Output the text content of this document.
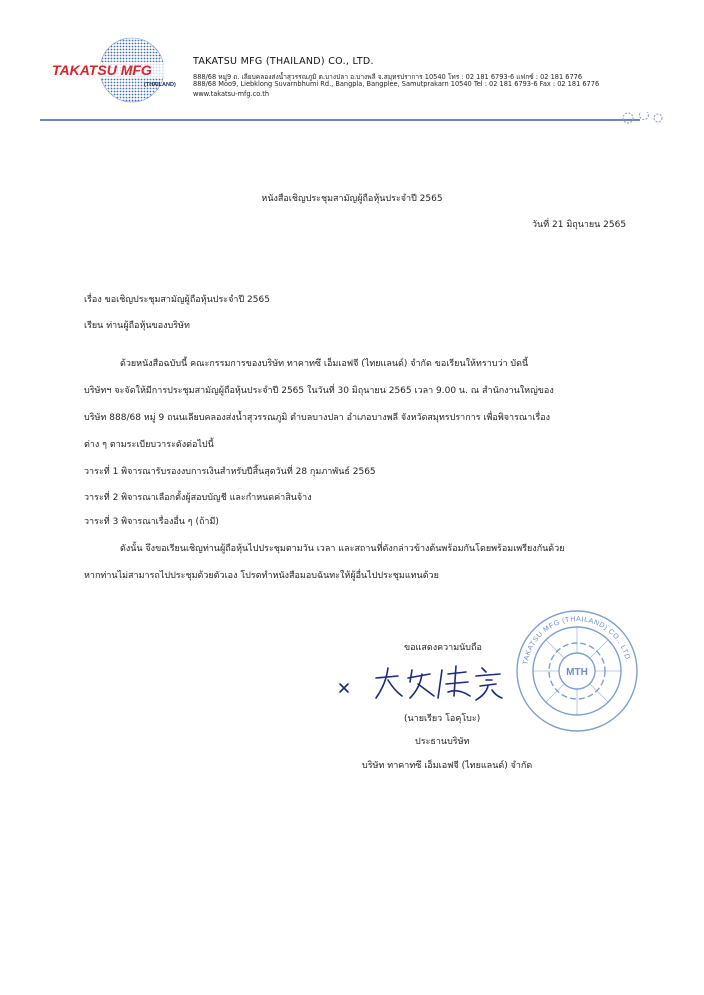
TAKATSU MFG
(THAILAND)
TAKATSU MFG (THAILAND) CO., LTD.
888/68 หมู่9 ถ. เลียบคลองส่งน้ำสุวรรณภูมิ ต.บางปลา อ.บางพลี จ.สมุทรปราการ 10540 โทร : 02 181 6793-6 แฟกซ์ : 02 181 6776
888/68 Moo9, Liebklong Suvarnbhumi Rd., Bangpla, Bangplee, Samutprakarn 10540 Tel : 02 181 6793-6 Fax : 02 181 6776
www.takatsu-mfg.co.th
หนังสือเชิญประชุมสามัญผู้ถือหุ้นประจำปี 2565
วันที่ 21 มิถุนายน 2565
เรื่อง ขอเชิญประชุมสามัญผู้ถือหุ้นประจำปี 2565
เรียน ท่านผู้ถือหุ้นของบริษัท
ด้วยหนังสือฉบับนี้ คณะกรรมการของบริษัท ทาคาทซึ เอ็มเอฟจี (ไทยแลนด์) จำกัด ขอเรียนให้ทราบว่า บัดนี้
บริษัทฯ จะจัดให้มีการประชุมสามัญผู้ถือหุ้นประจำปี 2565 ในวันที่ 30 มิถุนายน 2565 เวลา 9.00 น. ณ สำนักงานใหญ่ของ
บริษัท 888/68 หมู่ 9 ถนนเลียบคลองส่งน้ำสุวรรณภูมิ ตำบลบางปลา อำเภอบางพลี จังหวัดสมุทรปราการ เพื่อพิจารณาเรื่อง
ต่าง ๆ ตามระเบียบวาระดังต่อไปนี้
วาระที่ 1 พิจารณารับรองงบการเงินสำหรับปีสิ้นสุดวันที่ 28 กุมภาพันธ์ 2565
วาระที่ 2 พิจารณาเลือกตั้งผู้สอบบัญชี และกำหนดค่าสินจ้าง
วาระที่ 3 พิจารณาเรื่องอื่น ๆ (ถ้ามี)
ดังนั้น จึงขอเรียนเชิญท่านผู้ถือหุ้นไปประชุมตามวัน เวลา และสถานที่ดังกล่าวข้างต้นพร้อมกันโดยพร้อมเพรียงกันด้วย
หากท่านไม่สามารถไปประชุมด้วยตัวเอง โปรดทำหนังสือมอบฉันทะให้ผู้อื่นไปประชุมแทนด้วย
ขอแสดงความนับถือ
(นายเรียว โอคุโบะ)
ประธานบริษัท
บริษัท ทาคาทซึ เอ็มเอฟจี (ไทยแลนด์) จำกัด
MTH
TAKATSU MFG (THAILAND) CO., LTD.
